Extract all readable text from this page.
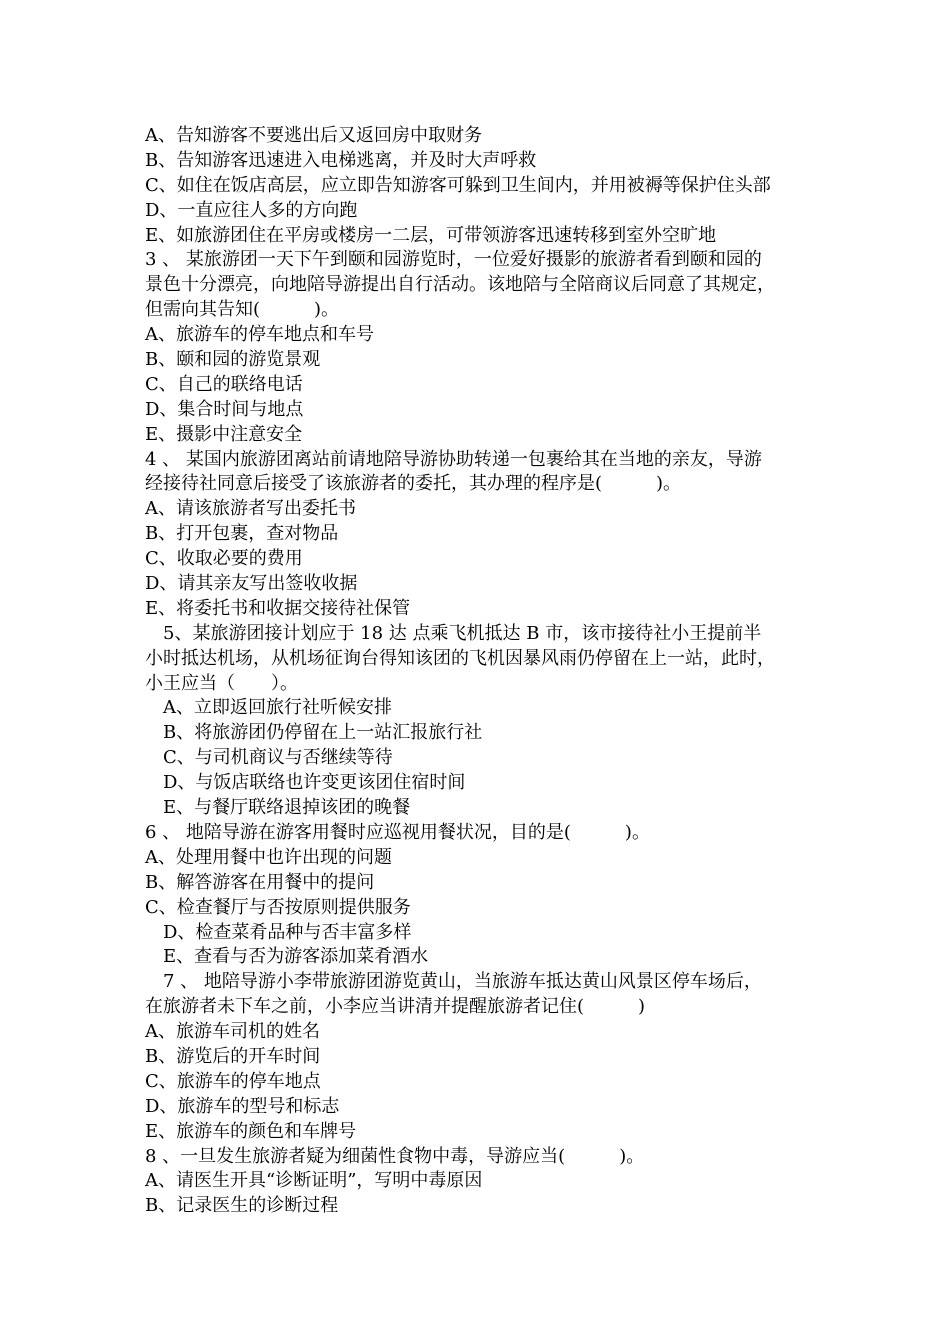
A、告知游客不要逃出后又返回房中取财务
B、告知游客迅速进入电梯逃离，并及时大声呼救
C、如住在饭店高层，应立即告知游客可躲到卫生间内，并用被褥等保护住头部
D、一直应往人多的方向跑
E、如旅游团住在平房或楼房一二层，可带领游客迅速转移到室外空旷地
3 、 某旅游团一天下午到颐和园游览时，一位爱好摄影的旅游者看到颐和园的
景色十分漂亮，向地陪导游提出自行活动。该地陪与全陪商议后同意了其规定，
但需向其告知(　　　)。
A、旅游车的停车地点和车号
B、颐和园的游览景观
C、自己的联络电话
D、集合时间与地点
E、摄影中注意安全
4 、 某国内旅游团离站前请地陪导游协助转递一包裹给其在当地的亲友，导游
经接待社同意后接受了该旅游者的委托，其办理的程序是(　　　)。
A、请该旅游者写出委托书
B、打开包裹，查对物品
C、收取必要的费用
D、请其亲友写出签收收据
E、将委托书和收据交接待社保管
5、某旅游团接计划应于 18 达 点乘飞机抵达 B 市，该市接待社小王提前半
小时抵达机场，从机场征询台得知该团的飞机因暴风雨仍停留在上一站，此时，
小王应当（　　）。
A、立即返回旅行社听候安排
B、将旅游团仍停留在上一站汇报旅行社
C、与司机商议与否继续等待
D、与饭店联络也许变更该团住宿时间
E、与餐厅联络退掉该团的晚餐
6 、 地陪导游在游客用餐时应巡视用餐状况，目的是(　　　)。
A、处理用餐中也许出现的问题
B、解答游客在用餐中的提问
C、检查餐厅与否按原则提供服务
D、检查菜肴品种与否丰富多样
E、查看与否为游客添加菜肴酒水
7 、 地陪导游小李带旅游团游览黄山，当旅游车抵达黄山风景区停车场后，
在旅游者未下车之前，小李应当讲清并提醒旅游者记住(　　　)
A、旅游车司机的姓名
B、游览后的开车时间
C、旅游车的停车地点
D、旅游车的型号和标志
E、旅游车的颜色和车牌号
8 、一旦发生旅游者疑为细菌性食物中毒，导游应当(　　　)。
A、请医生开具“诊断证明”，写明中毒原因
B、记录医生的诊断过程
